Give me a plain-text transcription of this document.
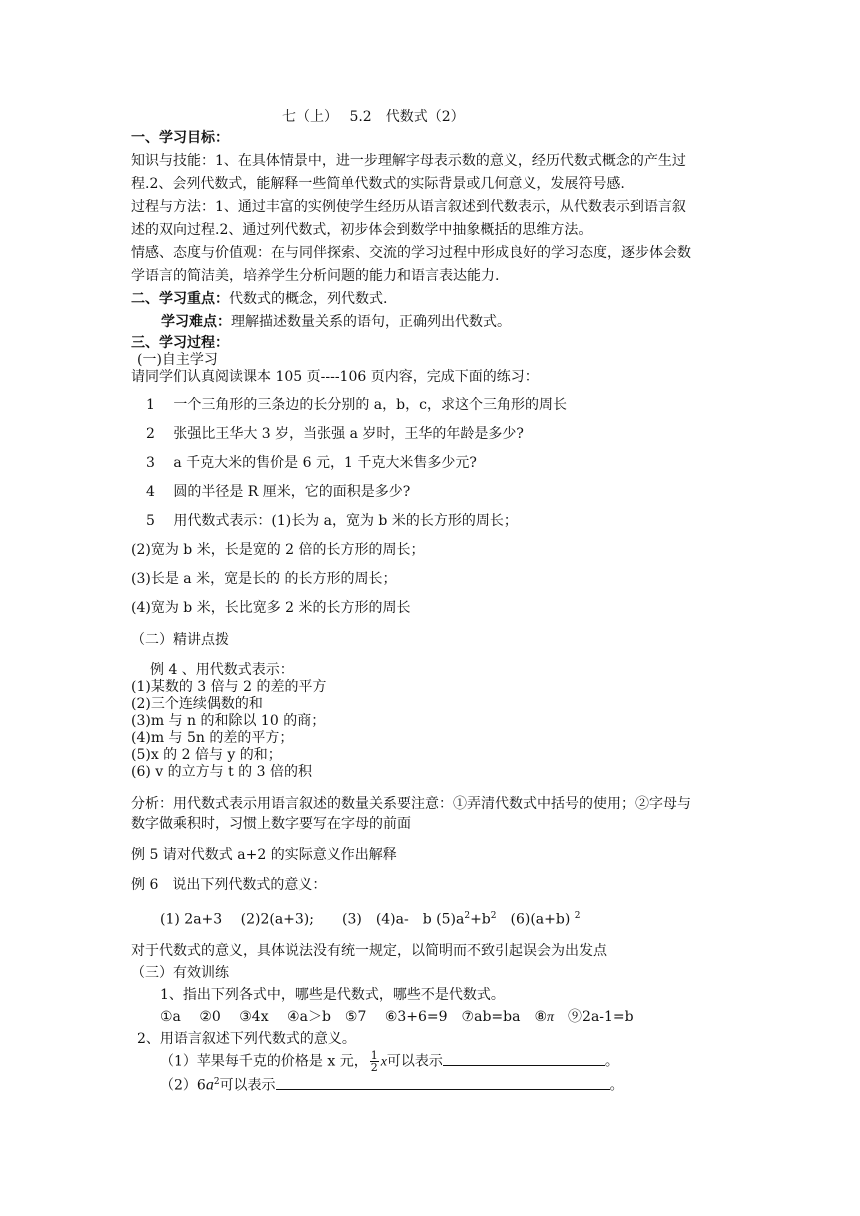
七（上）　 5.2　代数式（2）
一、学习目标：
知识与技能：1、在具体情景中，进一步理解字母表示数的意义，经历代数式概念的产生过
程.2、会列代数式，能解释一些简单代数式的实际背景或几何意义，发展符号感.
过程与方法：1、通过丰富的实例使学生经历从语言叙述到代数表示，从代数表示到语言叙
述的双向过程.2、通过列代数式，初步体会到数学中抽象概括的思维方法。
情感、态度与价值观：在与同伴探索、交流的学习过程中形成良好的学习态度，逐步体会数
学语言的简洁美，培养学生分析问题的能力和语言表达能力.
二、学习重点：代数式的概念，列代数式.
学习难点：理解描述数量关系的语句，正确列出代数式。
三、学习过程：
(一)自主学习
请同学们认真阅读课本 105 页----106 页内容，完成下面的练习：
1　 一个三角形的三条边的长分别的 a，b，c，求这个三角形的周长
2　 张强比王华大 3 岁，当张强 a 岁时，王华的年龄是多少?
3　 a 千克大米的售价是 6 元，1 千克大米售多少元?
4　 圆的半径是 R 厘米，它的面积是多少?
5　 用代数式表示：(1)长为 a，宽为 b 米的长方形的周长；
(2)宽为 b 米，长是宽的 2 倍的长方形的周长；
(3)长是 a 米，宽是长的 的长方形的周长；
(4)宽为 b 米，长比宽多 2 米的长方形的周长
（二）精讲点拨
例 4 、用代数式表示：
(1)某数的 3 倍与 2 的差的平方
(2)三个连续偶数的和
(3)m 与 n 的和除以 10 的商；
(4)m 与 5n 的差的平方；
(5)x 的 2 倍与 y 的和；
(6) v 的立方与 t 的 3 倍的积
分析：用代数式表示用语言叙述的数量关系要注意：①弄清代数式中括号的使用；②字母与
数字做乘积时，习惯上数字要写在字母的前面
例 5 请对代数式 a+2 的实际意义作出解释
例 6　说出下列代数式的意义：
(1) 2a+3　 (2)2(a+3);　　(3)　(4)a-　b $(5)a^2+b^2$　(6)(a+b) $^2$
对于代数式的意义，具体说法没有统一规定，以简明而不致引起误会为出发点
（三）有效训练
1、指出下列各式中，哪些是代数式，哪些不是代数式。
①a　 ②0　 ③4x　 ④a＞b　⑤7　 ⑥3+6=9　⑦ab=ba　⑧π　⑨2a-1=b
2、用语言叙述下列代数式的意义。
（1）苹果每千克的价格是 x 元， $\frac{1}{2}$ x可以表示	。
$(2)6a^2$可以表示	。
